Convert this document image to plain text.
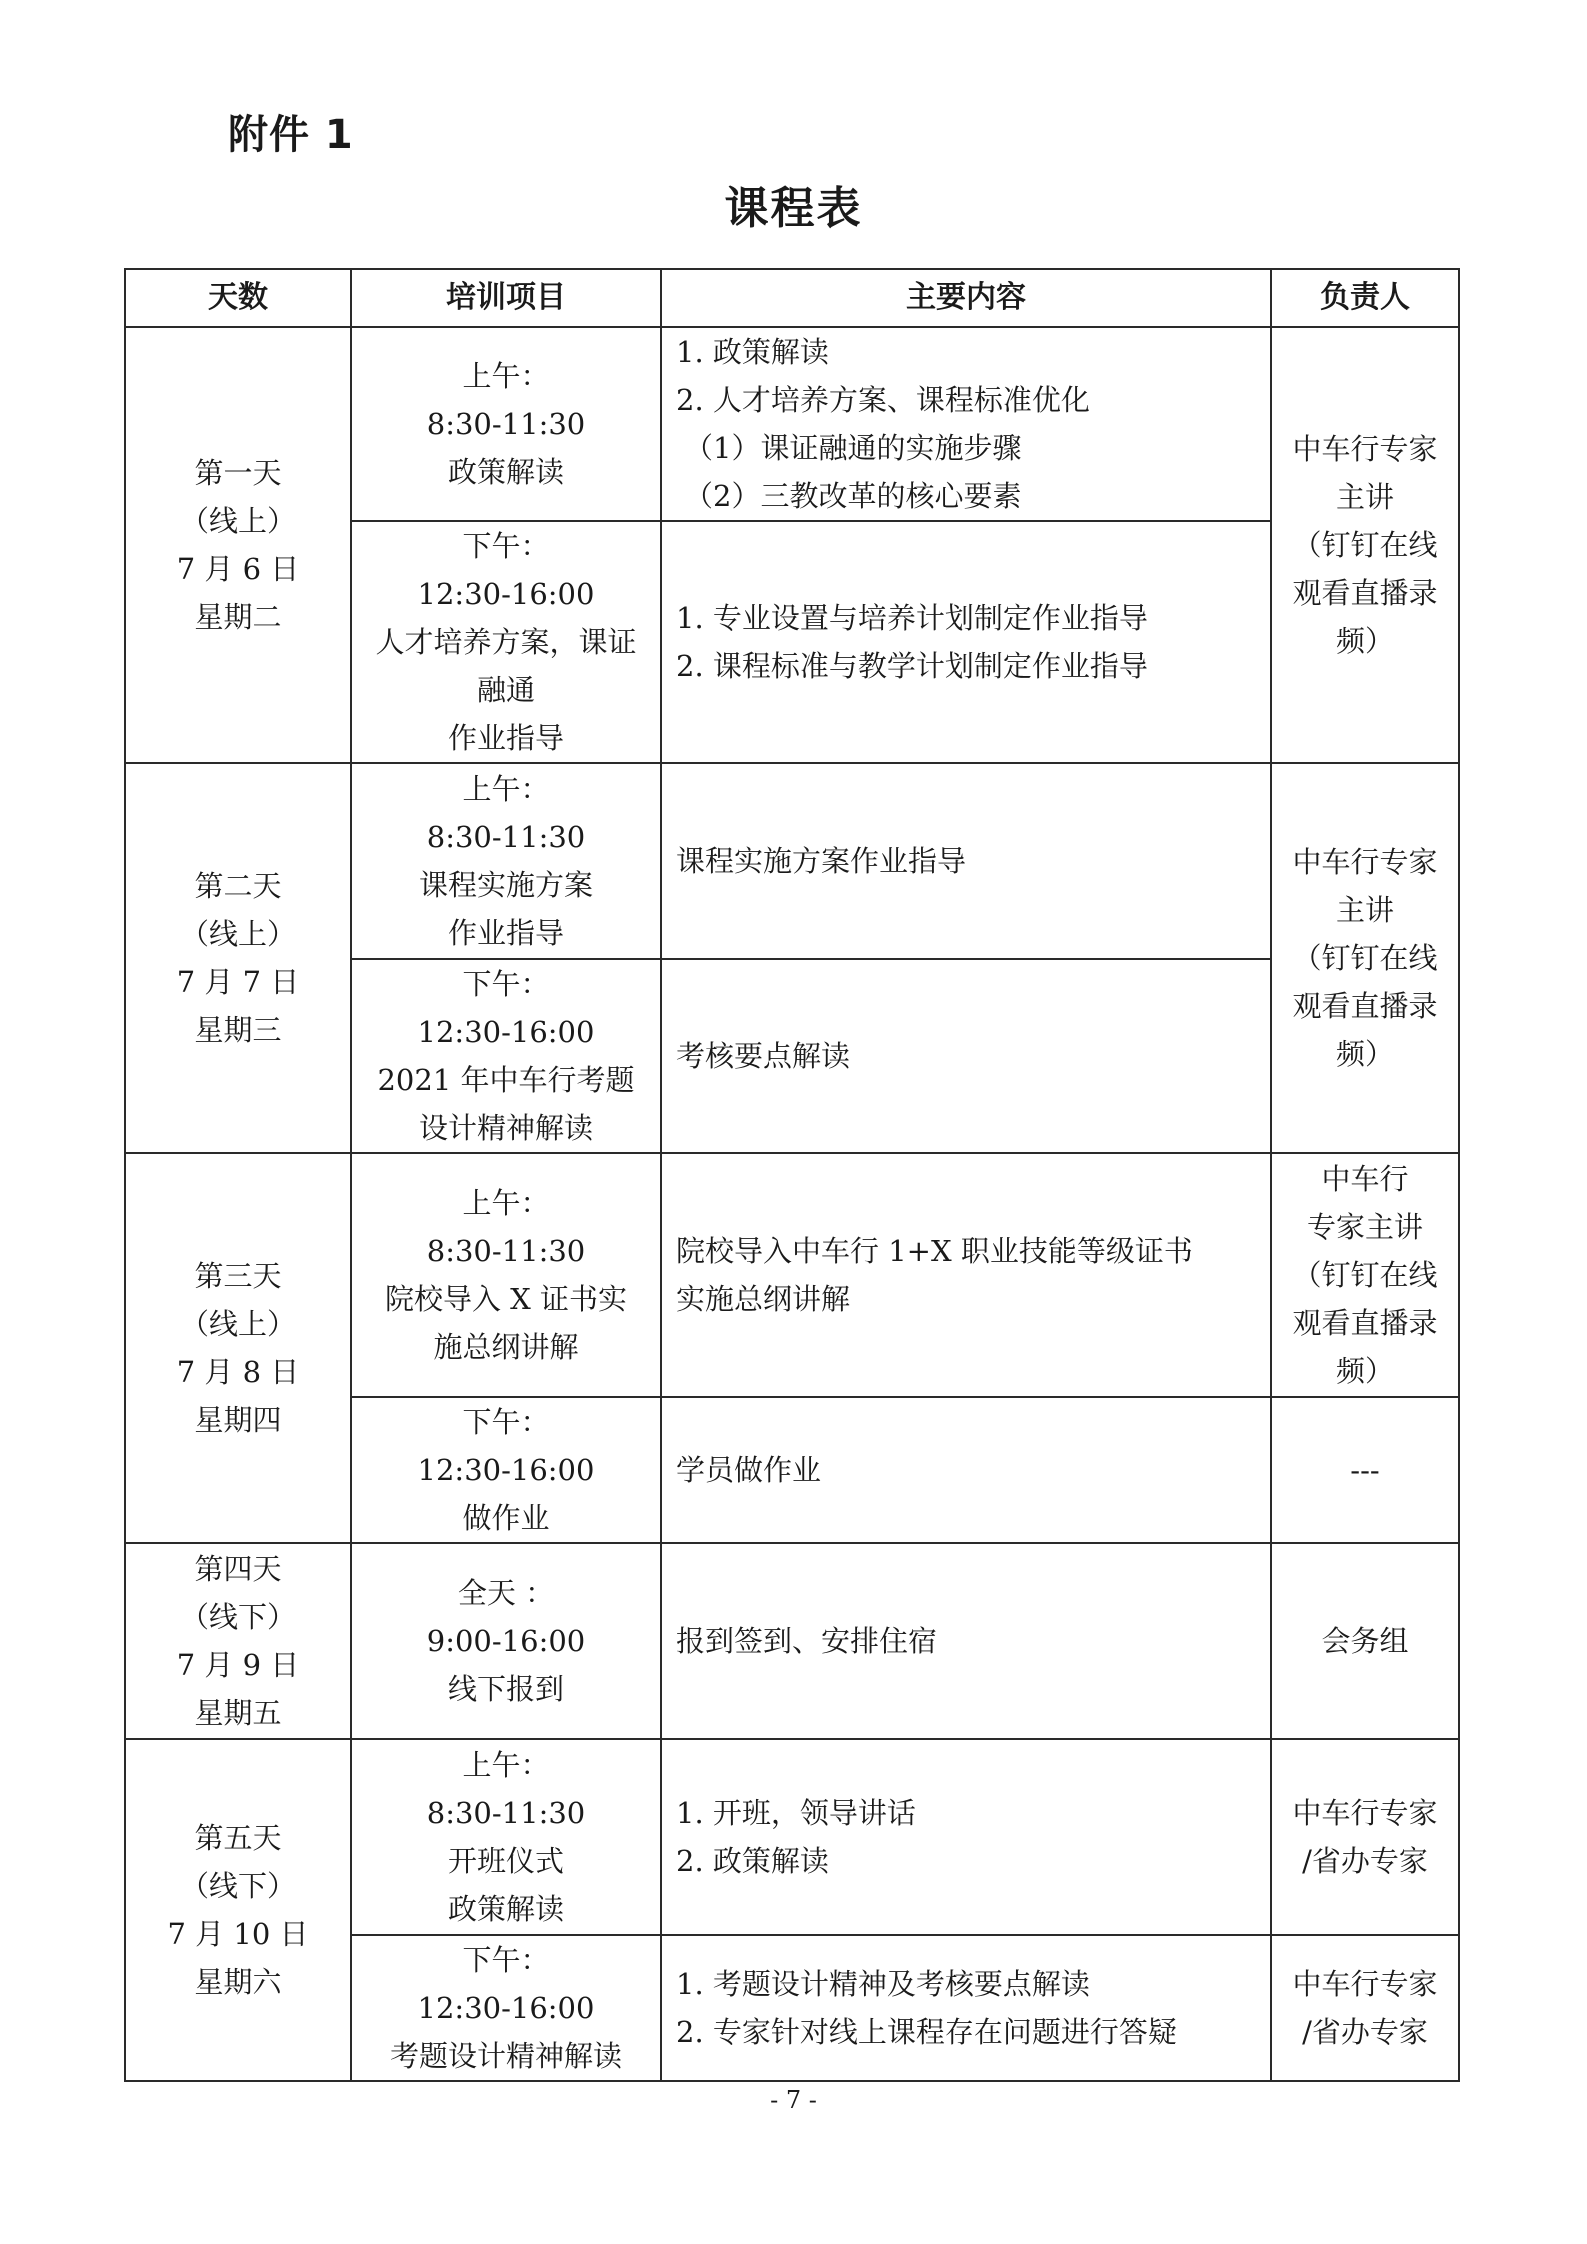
附件 1
课程表
天数	培训项目	主要内容	负责人

第一天
（线上）
7 月 6 日
星期二	上午：
8:30-11:30
政策解读	1. 政策解读
2. 人才培养方案、课程标准优化
（1）课证融通的实施步骤
（2）三教改革的核心要素	中车行专家
主讲
（钉钉在线
观看直播录
频）

	下午：
12:30-16:00
人才培养方案，课证
融通
作业指导	1. 专业设置与培养计划制定作业指导
2. 课程标准与教学计划制定作业指导	

第二天
（线上）
7 月 7 日
星期三	上午：
8:30-11:30
课程实施方案
作业指导	课程实施方案作业指导	中车行专家
主讲
（钉钉在线
观看直播录
频）

	下午：
12:30-16:00
2021 年中车行考题
设计精神解读	考核要点解读	

第三天
（线上）
7 月 8 日
星期四	上午：
8:30-11:30
院校导入 X 证书实
施总纲讲解	院校导入中车行 1+X 职业技能等级证书
实施总纲讲解	中车行
专家主讲
（钉钉在线
观看直播录
频）

	下午：
12:30-16:00
做作业	学员做作业	---

第四天
（线下）
7 月 9 日
星期五	全天 ：
9:00-16:00
线下报到	报到签到、安排住宿	会务组

第五天
（线下）
7 月 10 日
星期六	上午：
8:30-11:30
开班仪式
政策解读	1. 开班，领导讲话
2. 政策解读	中车行专家
/省办专家

	下午：
12:30-16:00
考题设计精神解读	1. 考题设计精神及考核要点解读
2. 专家针对线上课程存在问题进行答疑	中车行专家
/省办专家
- 7 -
